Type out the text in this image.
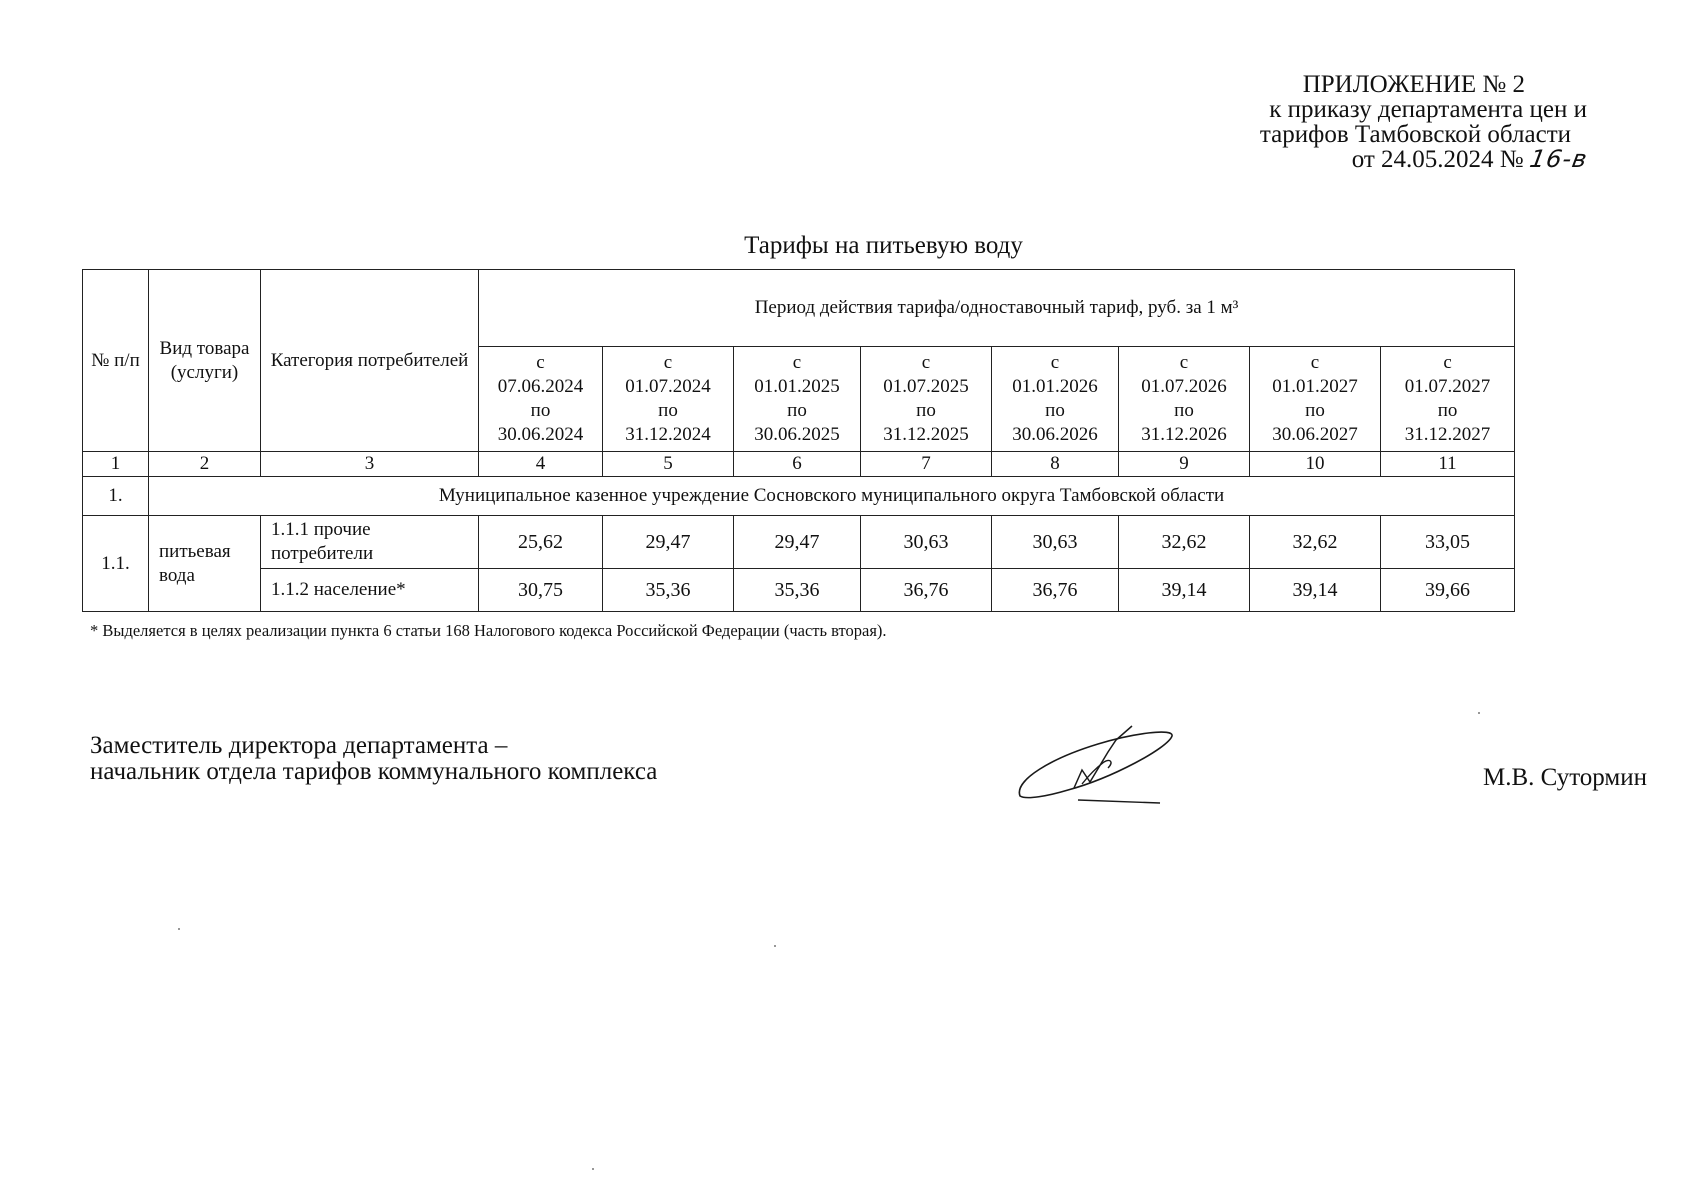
ПРИЛОЖЕНИЕ № 2
к приказу департамента цен и
тарифов Тамбовской области
от 24.05.2024 № 16-в
Тарифы на питьевую воду
№ п/п	Вид товара (услуги)	Категория потребителей	Период действия тарифа/одноставочный тариф, руб. за 1 м³							
			с
07.06.2024
по
30.06.2024	с
01.07.2024
по
31.12.2024	с
01.01.2025
по
30.06.2025	с
01.07.2025
по
31.12.2025	с
01.01.2026
по
30.06.2026	с
01.07.2026
по
31.12.2026	с
01.01.2027
по
30.06.2027	с
01.07.2027
по
31.12.2027
1	2	3	4	5	6	7	8	9	10	11
1.	Муниципальное казенное учреждение Сосновского муниципального округа Тамбовской области									
1.1.	питьевая вода	1.1.1 прочие потребители	25,62	29,47	29,47	30,63	30,63	32,62	32,62	33,05
		1.1.2 население*	30,75	35,36	35,36	36,76	36,76	39,14	39,14	39,66
* Выделяется в целях реализации пункта 6 статьи 168 Налогового кодекса Российской Федерации (часть вторая).
Заместитель директора департамента –
начальник отдела тарифов коммунального комплекса	М.В. Сутормин
